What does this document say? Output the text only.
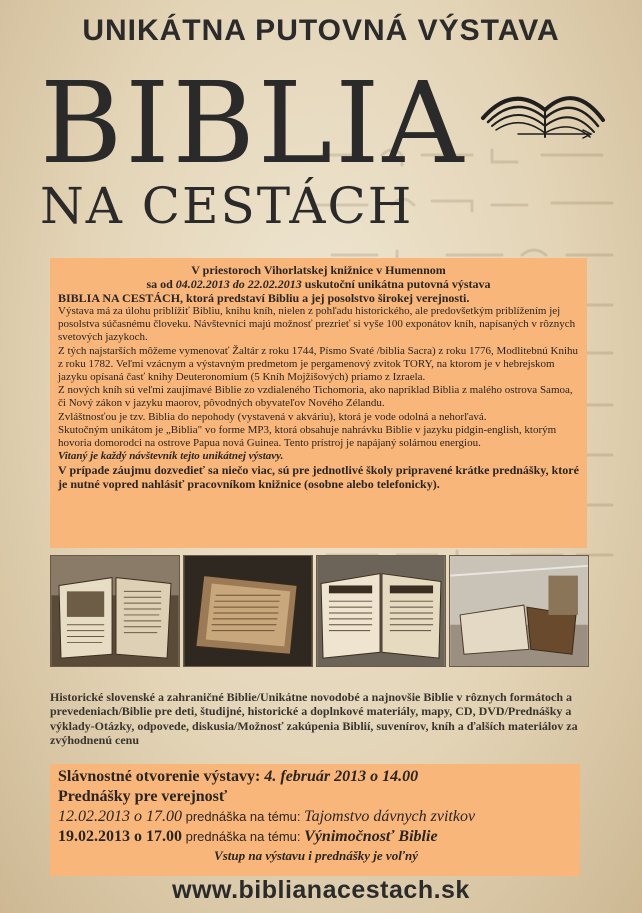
UNIKÁTNA PUTOVNÁ VÝSTAVA
BIBLIA
NA CESTÁCH

V priestoroch Vihorlatskej knižnice v Humennom

sa od 04.02.2013 do 22.02.2013 uskutoční unikátna putovná výstava

BIBLIA NA CESTÁCH, ktorá predstaví Bibliu a jej posolstvo širokej verejnosti.

Výstava má za úlohu priblížiť Bibliu, knihu kníh, nielen z pohľadu historického, ale predovšetkým priblížením jej posolstva súčasnému človeku. Návštevníci majú možnosť prezrieť si vyše 100 exponátov kníh, napísaných v rôznych svetových jazykoch.

Z tých najstarších môžeme vymenovať Žaltár z roku 1744, Písmo Svaté /biblia Sacra) z roku 1776, Modlitebnú Knihu z roku 1782. Veľmi vzácnym a výstavným predmetom je pergamenový zvitok TORY, na ktorom je v hebrejskom jazyku opísaná časť knihy Deuteronomium (5 Kníh Mojžišových) priamo z Izraela.

Z nových kníh sú veľmi zaujímavé Biblie zo vzdialeného Tichomoria, ako napríklad Biblia z malého ostrova Samoa, či Nový zákon v jazyku maorov, pôvodných obyvateľov Nového Zélandu.

Zvláštnosťou je tzv. Biblia do nepohody (vystavená v akváriu), ktorá je vode odolná a nehorľavá.

Skutočným unikátom je „Biblia" vo forme MP3, ktorá obsahuje nahrávku Biblie v jazyku pidgin-english, ktorým hovoria domorodci na ostrove Papua nová Guinea. Tento prístroj je napájaný solárnou energiou.

Vitaný je každý návštevník tejto unikátnej výstavy.

V prípade záujmu dozvedieť sa niečo viac, sú pre jednotlivé školy pripravené krátke prednášky, ktoré je nutné vopred nahlásiť pracovníkom knižnice (osobne alebo telefonicky).

Historické slovenské a zahraničné Biblie/Unikátne novodobé a najnovšie Biblie v rôznych formátoch a prevedeniach/Biblie pre deti, študijné, historické a doplnkové materiály, mapy, CD, DVD/Prednášky a výklady-Otázky, odpovede, diskusia/Možnosť zakúpenia Biblií, suvenírov, kníh a ďalších materiálov za zvýhodnenú cenu
Slávnostné otvorenie výstavy: 4. február 2013 o 14.00
Prednášky pre verejnosť
12.02.2013 o 17.00 prednáška na tému: Tajomstvo dávnych zvitkov
19.02.2013 o 17.00 prednáška na tému: Výnimočnosť Biblie
Vstup na výstavu i prednášky je voľný
www.biblianacestach.sk
